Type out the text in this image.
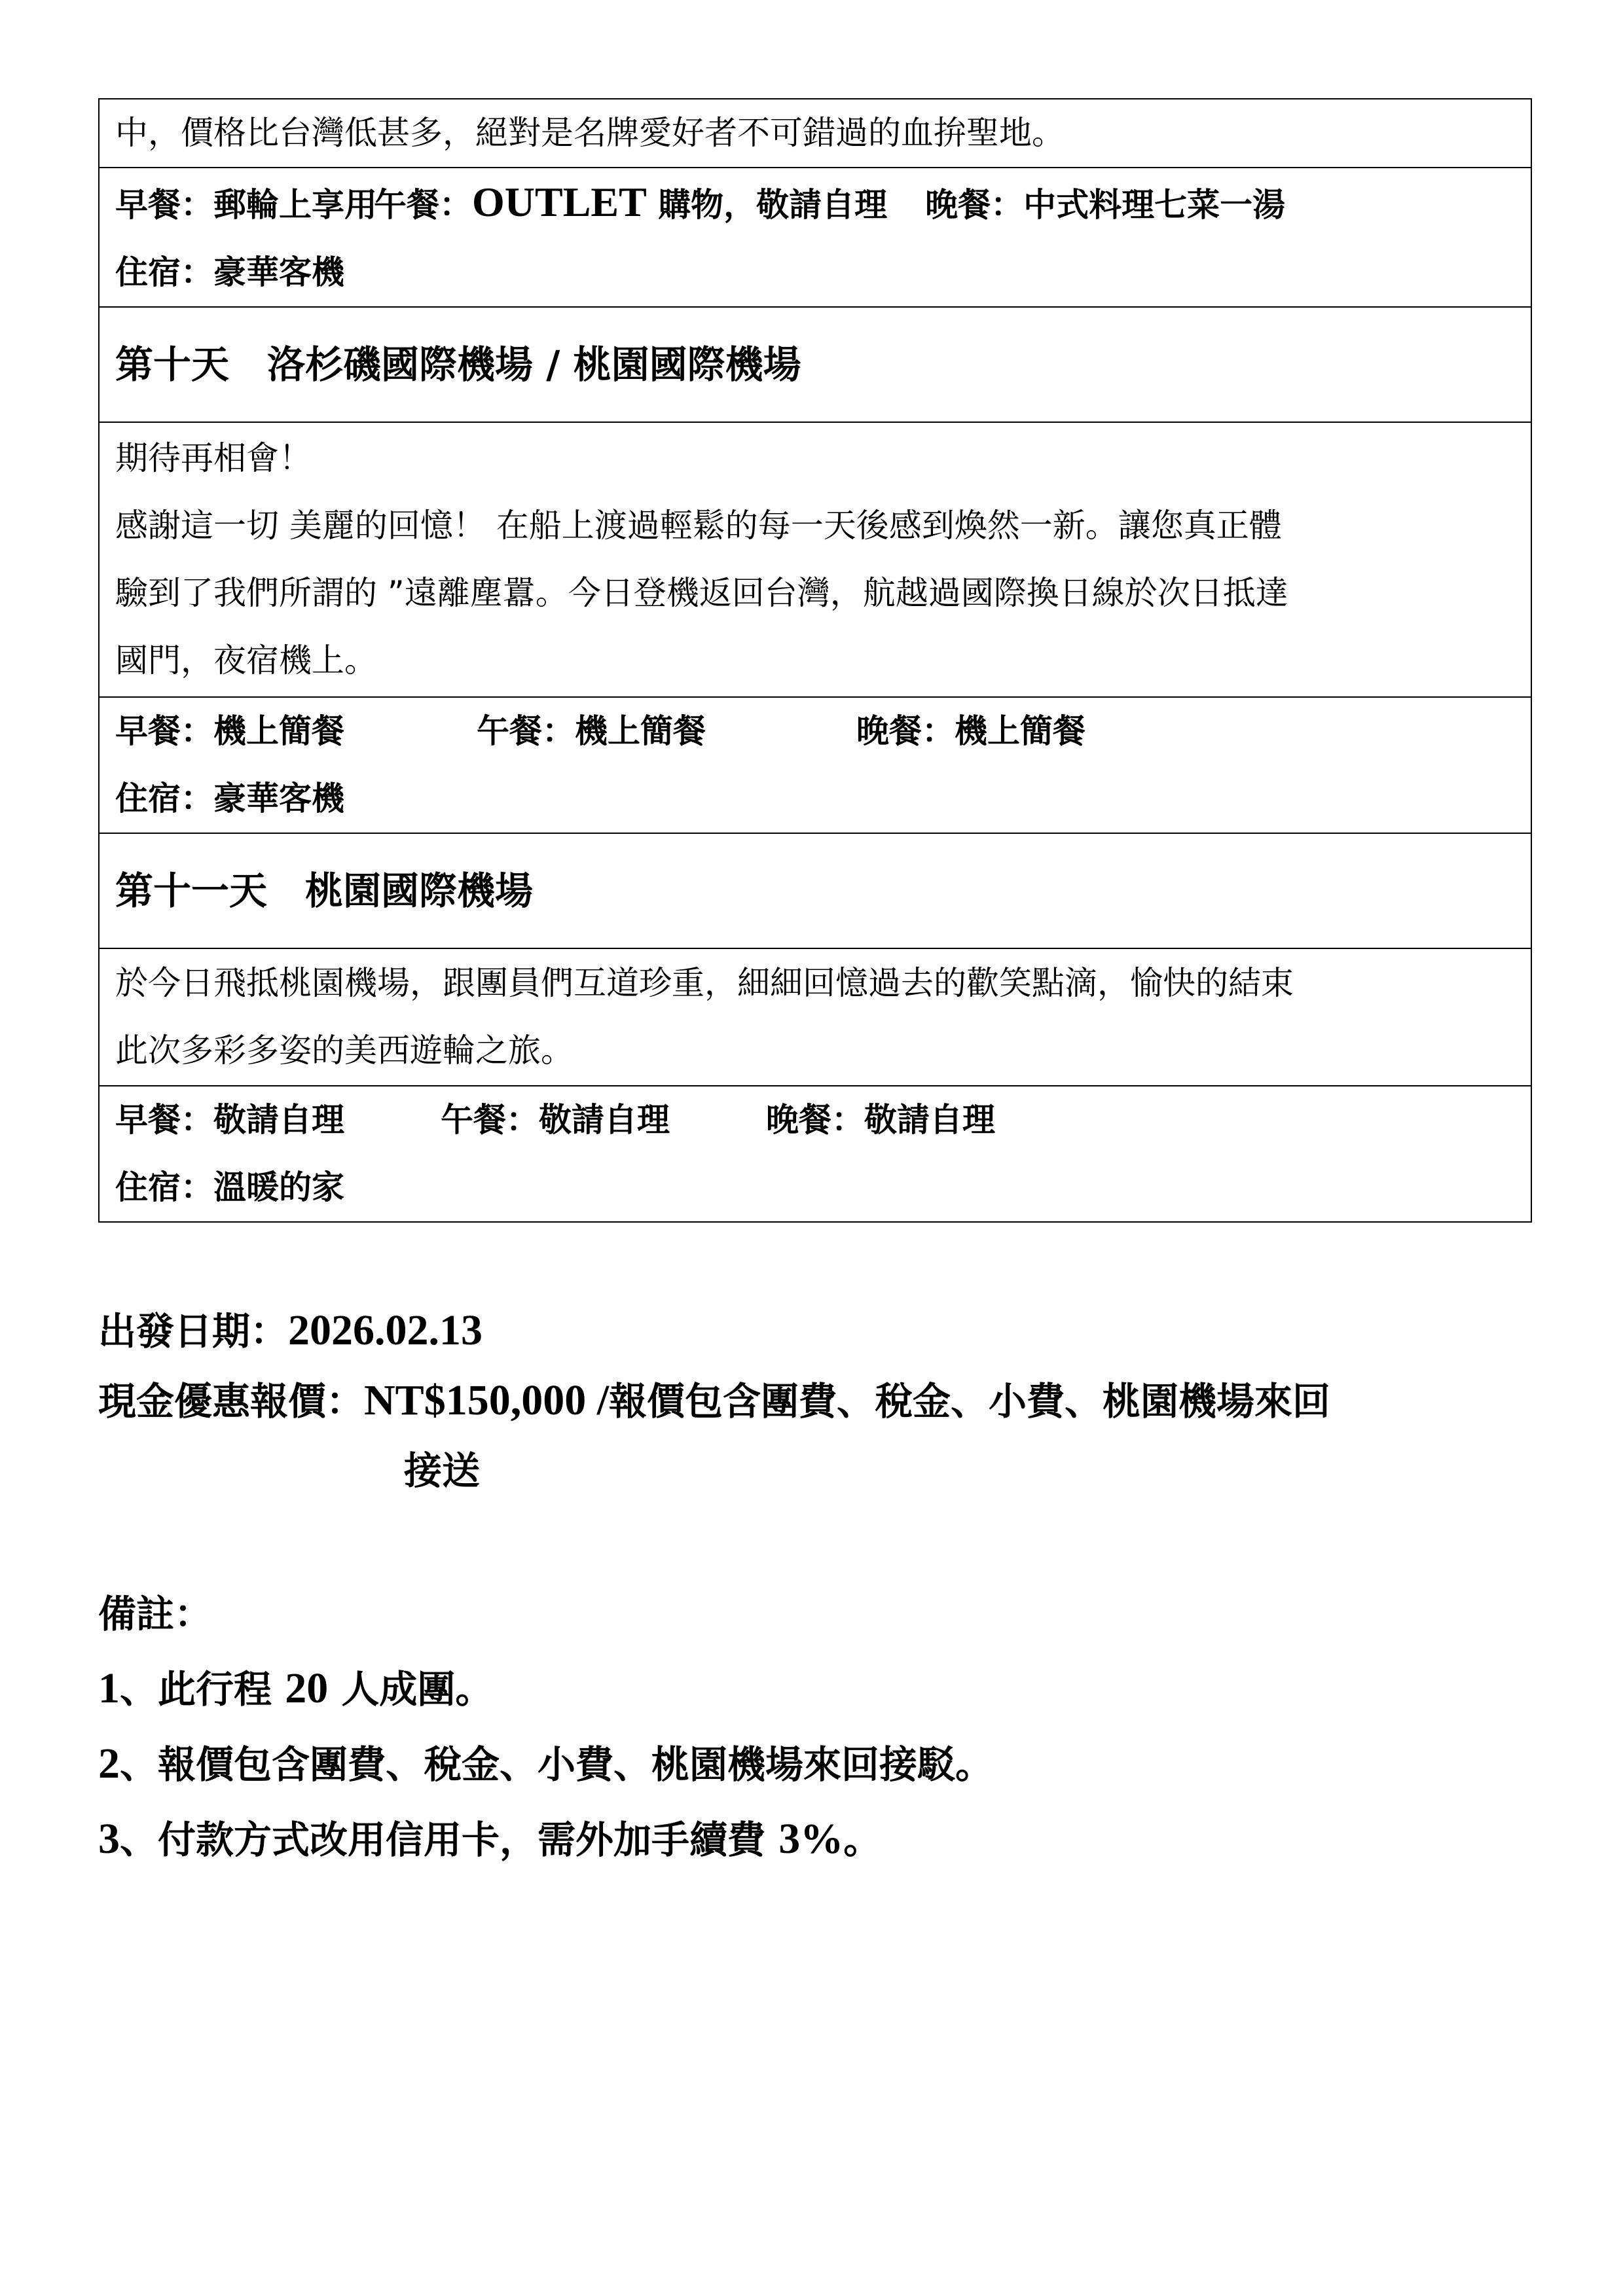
中，價格比台灣低甚多，絕對是名牌愛好者不可錯過的血拚聖地。

早餐：郵輪上享用午餐：OUTLET 購物，敬請自理 晚餐：中式料理七菜一湯
住宿：豪華客機

第十天　洛杉磯國際機場 / 桃園國際機場

期待再相會！
感謝這一切 美麗的回憶！ 在船上渡過輕鬆的每一天後感到煥然一新。讓您真正體
驗到了我們所謂的 ”遠離塵囂。今日登機返回台灣，航越過國際換日線於次日抵達
國門，夜宿機上。

早餐：機上簡餐	午餐：機上簡餐	晚餐：機上簡餐
住宿：豪華客機

第十一天　桃園國際機場

於今日飛抵桃園機場，跟團員們互道珍重，細細回憶過去的歡笑點滴，愉快的結束
此次多彩多姿的美西遊輪之旅。

早餐：敬請自理	午餐：敬請自理	晚餐：敬請自理
住宿：溫暖的家
出發日期：2026.02.13
現金優惠報價：NT$150,000 /報價包含團費、稅金、小費、桃園機場來回
接送
備註：
1、此行程 20 人成團。
2、報價包含團費、稅金、小費、桃園機場來回接駁。
3、付款方式改用信用卡，需外加手續費 3%。
